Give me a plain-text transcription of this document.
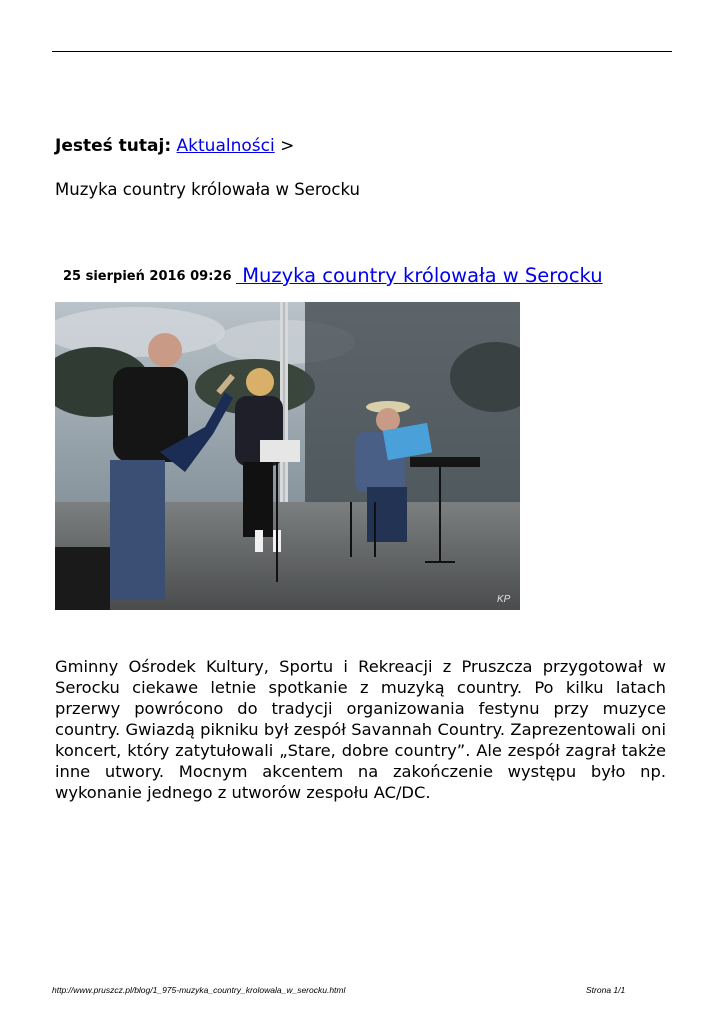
Jesteś tutaj: Aktualności >
Muzyka country królowała w Serocku
25 sierpień 2016 09:26 Muzyka country królowała w Serocku
KP
Gminny Ośrodek Kultury, Sportu i Rekreacji z Pruszcza przygotował w Serocku ciekawe letnie spotkanie z muzyką country. Po kilku latach przerwy powrócono do tradycji organizowania festynu przy muzyce country. Gwiazdą pikniku był zespół Savannah Country. Zaprezentowali oni koncert, który zatytułowali „Stare, dobre country”. Ale zespół zagrał także inne utwory. Mocnym akcentem na zakończenie występu było np. wykonanie jednego z utworów zespołu AC/DC.
http://www.pruszcz.pl/blog/1_975-muzyka_country_krolowala_w_serocku.html	Strona 1/1
